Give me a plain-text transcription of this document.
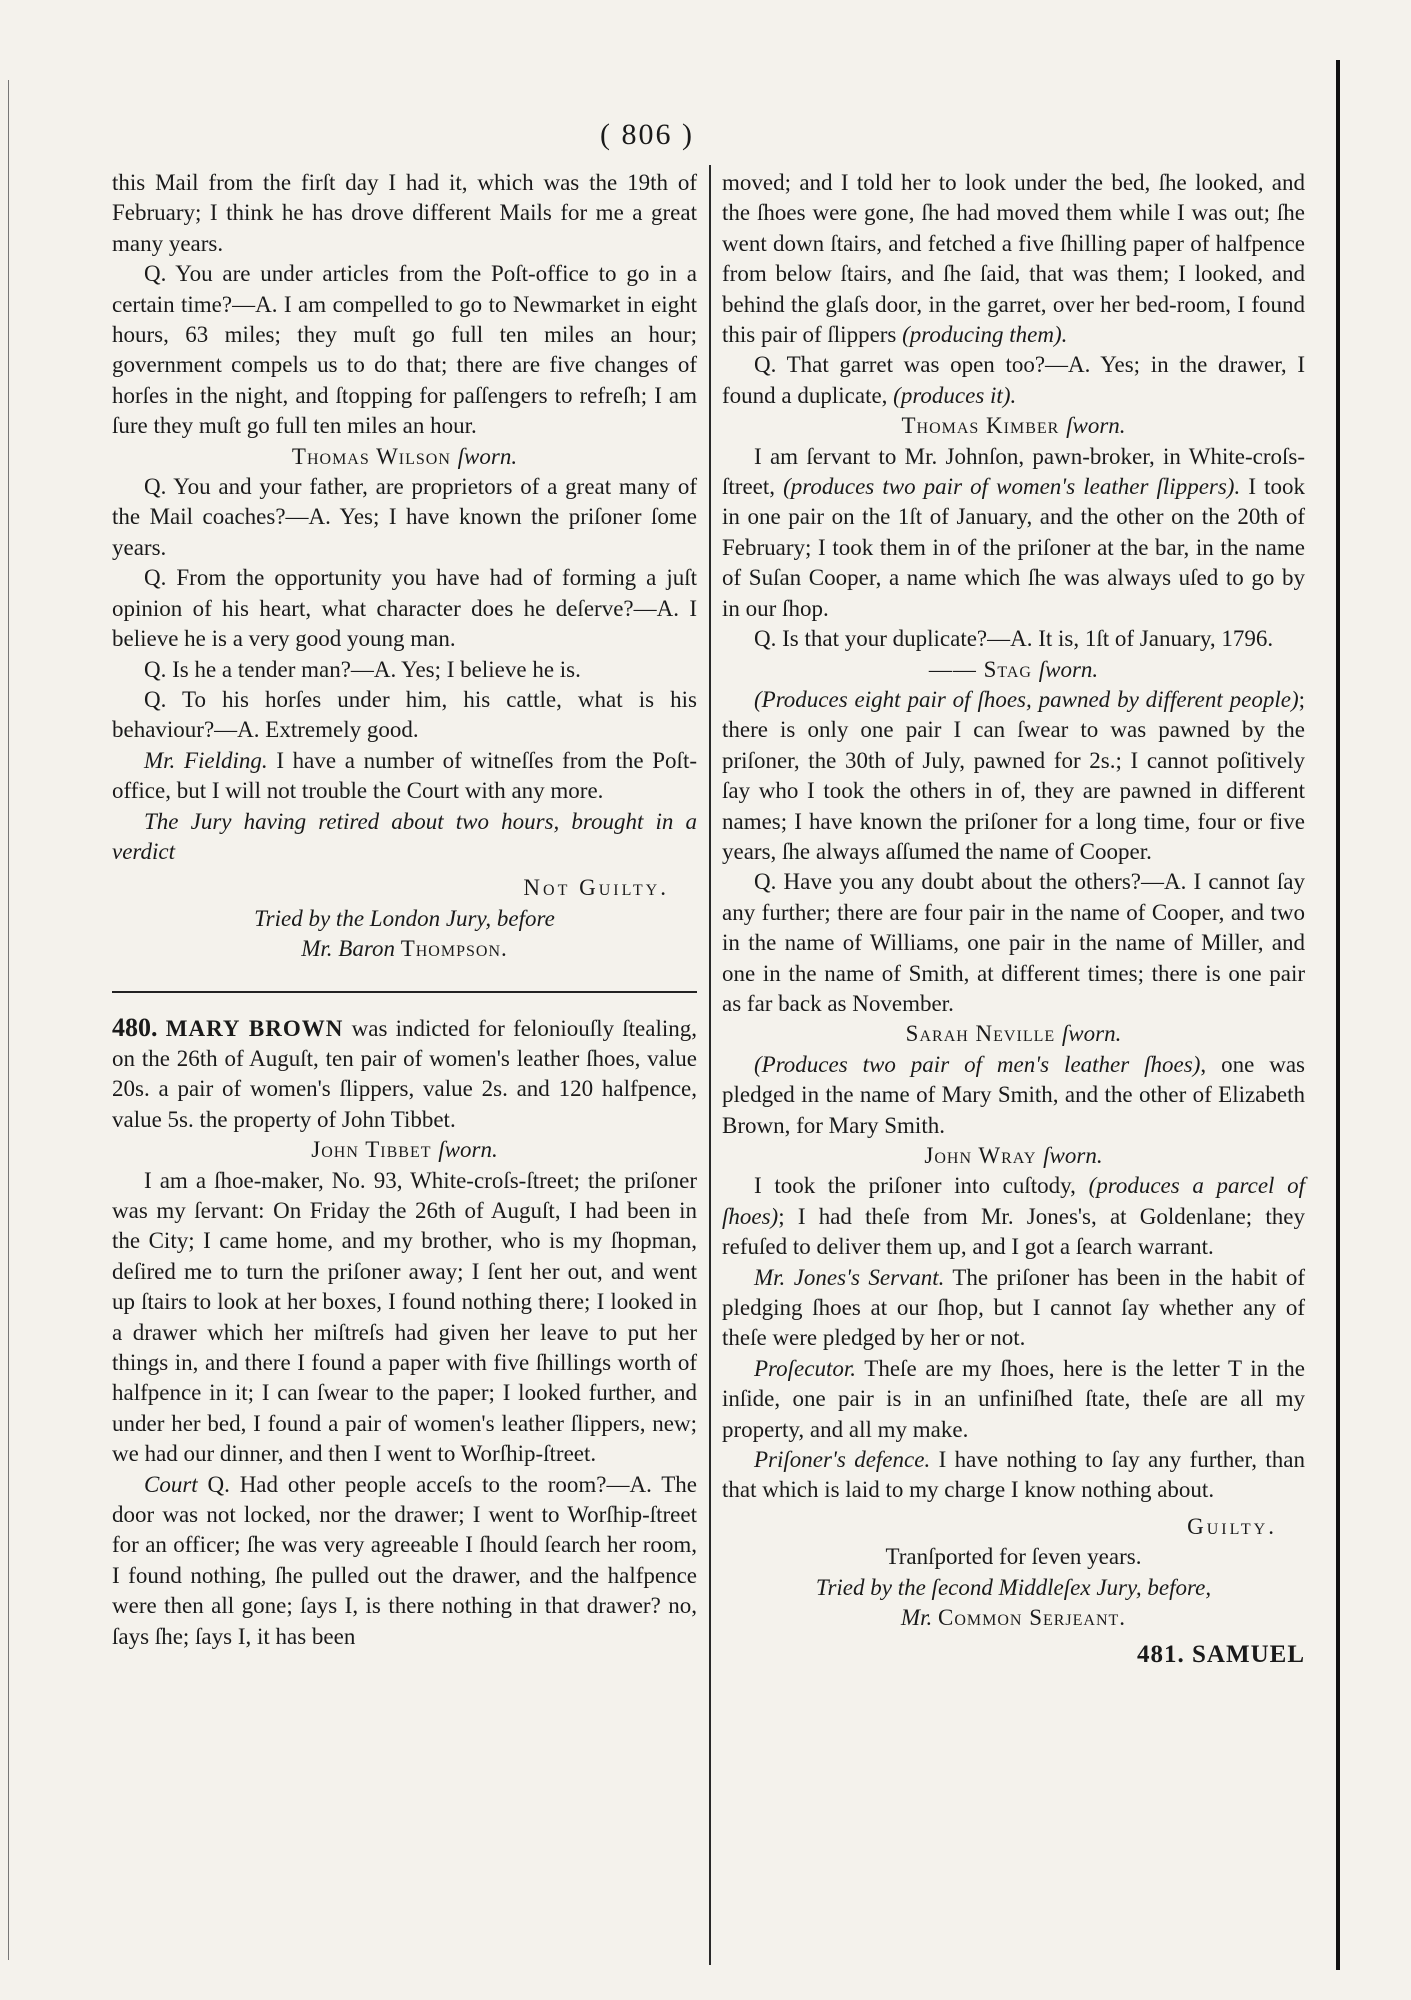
( 806 )

this Mail from the firſt day I had it, which was the 19th of February; I think he has drove different Mails for me a great many years.

Q. You are under articles from the Poſt-office to go in a certain time?—A. I am compelled to go to Newmarket in eight hours, 63 miles; they muſt go full ten miles an hour; government compels us to do that; there are five changes of horſes in the night, and ſtopping for paſſengers to refreſh; I am ſure they muſt go full ten miles an hour.

Thomas Wilson ſworn.

Q. You and your father, are proprietors of a great many of the Mail coaches?—A. Yes; I have known the priſoner ſome years.

Q. From the opportunity you have had of forming a juſt opinion of his heart, what character does he deſerve?—A. I believe he is a very good young man.

Q. Is he a tender man?—A. Yes; I believe he is.

Q. To his horſes under him, his cattle, what is his behaviour?—A. Extremely good.

Mr. Fielding. I have a number of witneſſes from the Poſt-office, but I will not trouble the Court with any more.

The Jury having retired about two hours, brought in a verdict

Not Guilty.

Tried by the London Jury, before

Mr. Baron Thompson.

480. MARY BROWN was indicted for feloniouſly ſtealing, on the 26th of Auguſt, ten pair of women's leather ſhoes, value 20s. a pair of women's ſlippers, value 2s. and 120 halfpence, value 5s. the property of John Tibbet.

John Tibbet ſworn.

I am a ſhoe-maker, No. 93, White-croſs-ſtreet; the priſoner was my ſervant: On Friday the 26th of Auguſt, I had been in the City; I came home, and my brother, who is my ſhopman, deſired me to turn the priſoner away; I ſent her out, and went up ſtairs to look at her boxes, I found nothing there; I looked in a drawer which her miſtreſs had given her leave to put her things in, and there I found a paper with five ſhillings worth of halfpence in it; I can ſwear to the paper; I looked further, and under her bed, I found a pair of women's leather ſlippers, new; we had our dinner, and then I went to Worſhip-ſtreet.

Court Q. Had other people acceſs to the room?—A. The door was not locked, nor the drawer; I went to Worſhip-ſtreet for an officer; ſhe was very agreeable I ſhould ſearch her room, I found nothing, ſhe pulled out the drawer, and the halfpence were then all gone; ſays I, is there nothing in that drawer? no, ſays ſhe; ſays I, it has been

moved; and I told her to look under the bed, ſhe looked, and the ſhoes were gone, ſhe had moved them while I was out; ſhe went down ſtairs, and fetched a five ſhilling paper of halfpence from below ſtairs, and ſhe ſaid, that was them; I looked, and behind the glaſs door, in the garret, over her bed-room, I found this pair of ſlippers (producing them).

Q. That garret was open too?—A. Yes; in the drawer, I found a duplicate, (produces it).

Thomas Kimber ſworn.

I am ſervant to Mr. Johnſon, pawn-broker, in White-croſs-ſtreet, (produces two pair of women's leather ſlippers). I took in one pair on the 1ſt of January, and the other on the 20th of February; I took them in of the priſoner at the bar, in the name of Suſan Cooper, a name which ſhe was always uſed to go by in our ſhop.

Q. Is that your duplicate?—A. It is, 1ſt of January, 1796.

—— Stag ſworn.

(Produces eight pair of ſhoes, pawned by different people); there is only one pair I can ſwear to was pawned by the priſoner, the 30th of July, pawned for 2s.; I cannot poſitively ſay who I took the others in of, they are pawned in different names; I have known the priſoner for a long time, four or five years, ſhe always aſſumed the name of Cooper.

Q. Have you any doubt about the others?—A. I cannot ſay any further; there are four pair in the name of Cooper, and two in the name of Williams, one pair in the name of Miller, and one in the name of Smith, at different times; there is one pair as far back as November.

Sarah Neville ſworn.

(Produces two pair of men's leather ſhoes), one was pledged in the name of Mary Smith, and the other of Elizabeth Brown, for Mary Smith.

John Wray ſworn.

I took the priſoner into cuſtody, (produces a parcel of ſhoes); I had theſe from Mr. Jones's, at Goldenlane; they refuſed to deliver them up, and I got a ſearch warrant.

Mr. Jones's Servant. The priſoner has been in the habit of pledging ſhoes at our ſhop, but I cannot ſay whether any of theſe were pledged by her or not.

Proſecutor. Theſe are my ſhoes, here is the letter T in the inſide, one pair is in an unfiniſhed ſtate, theſe are all my property, and all my make.

Priſoner's defence. I have nothing to ſay any further, than that which is laid to my charge I know nothing about.

Guilty.

Tranſported for ſeven years.

Tried by the ſecond Middleſex Jury, before,

Mr. Common Serjeant.

481. SAMUEL
